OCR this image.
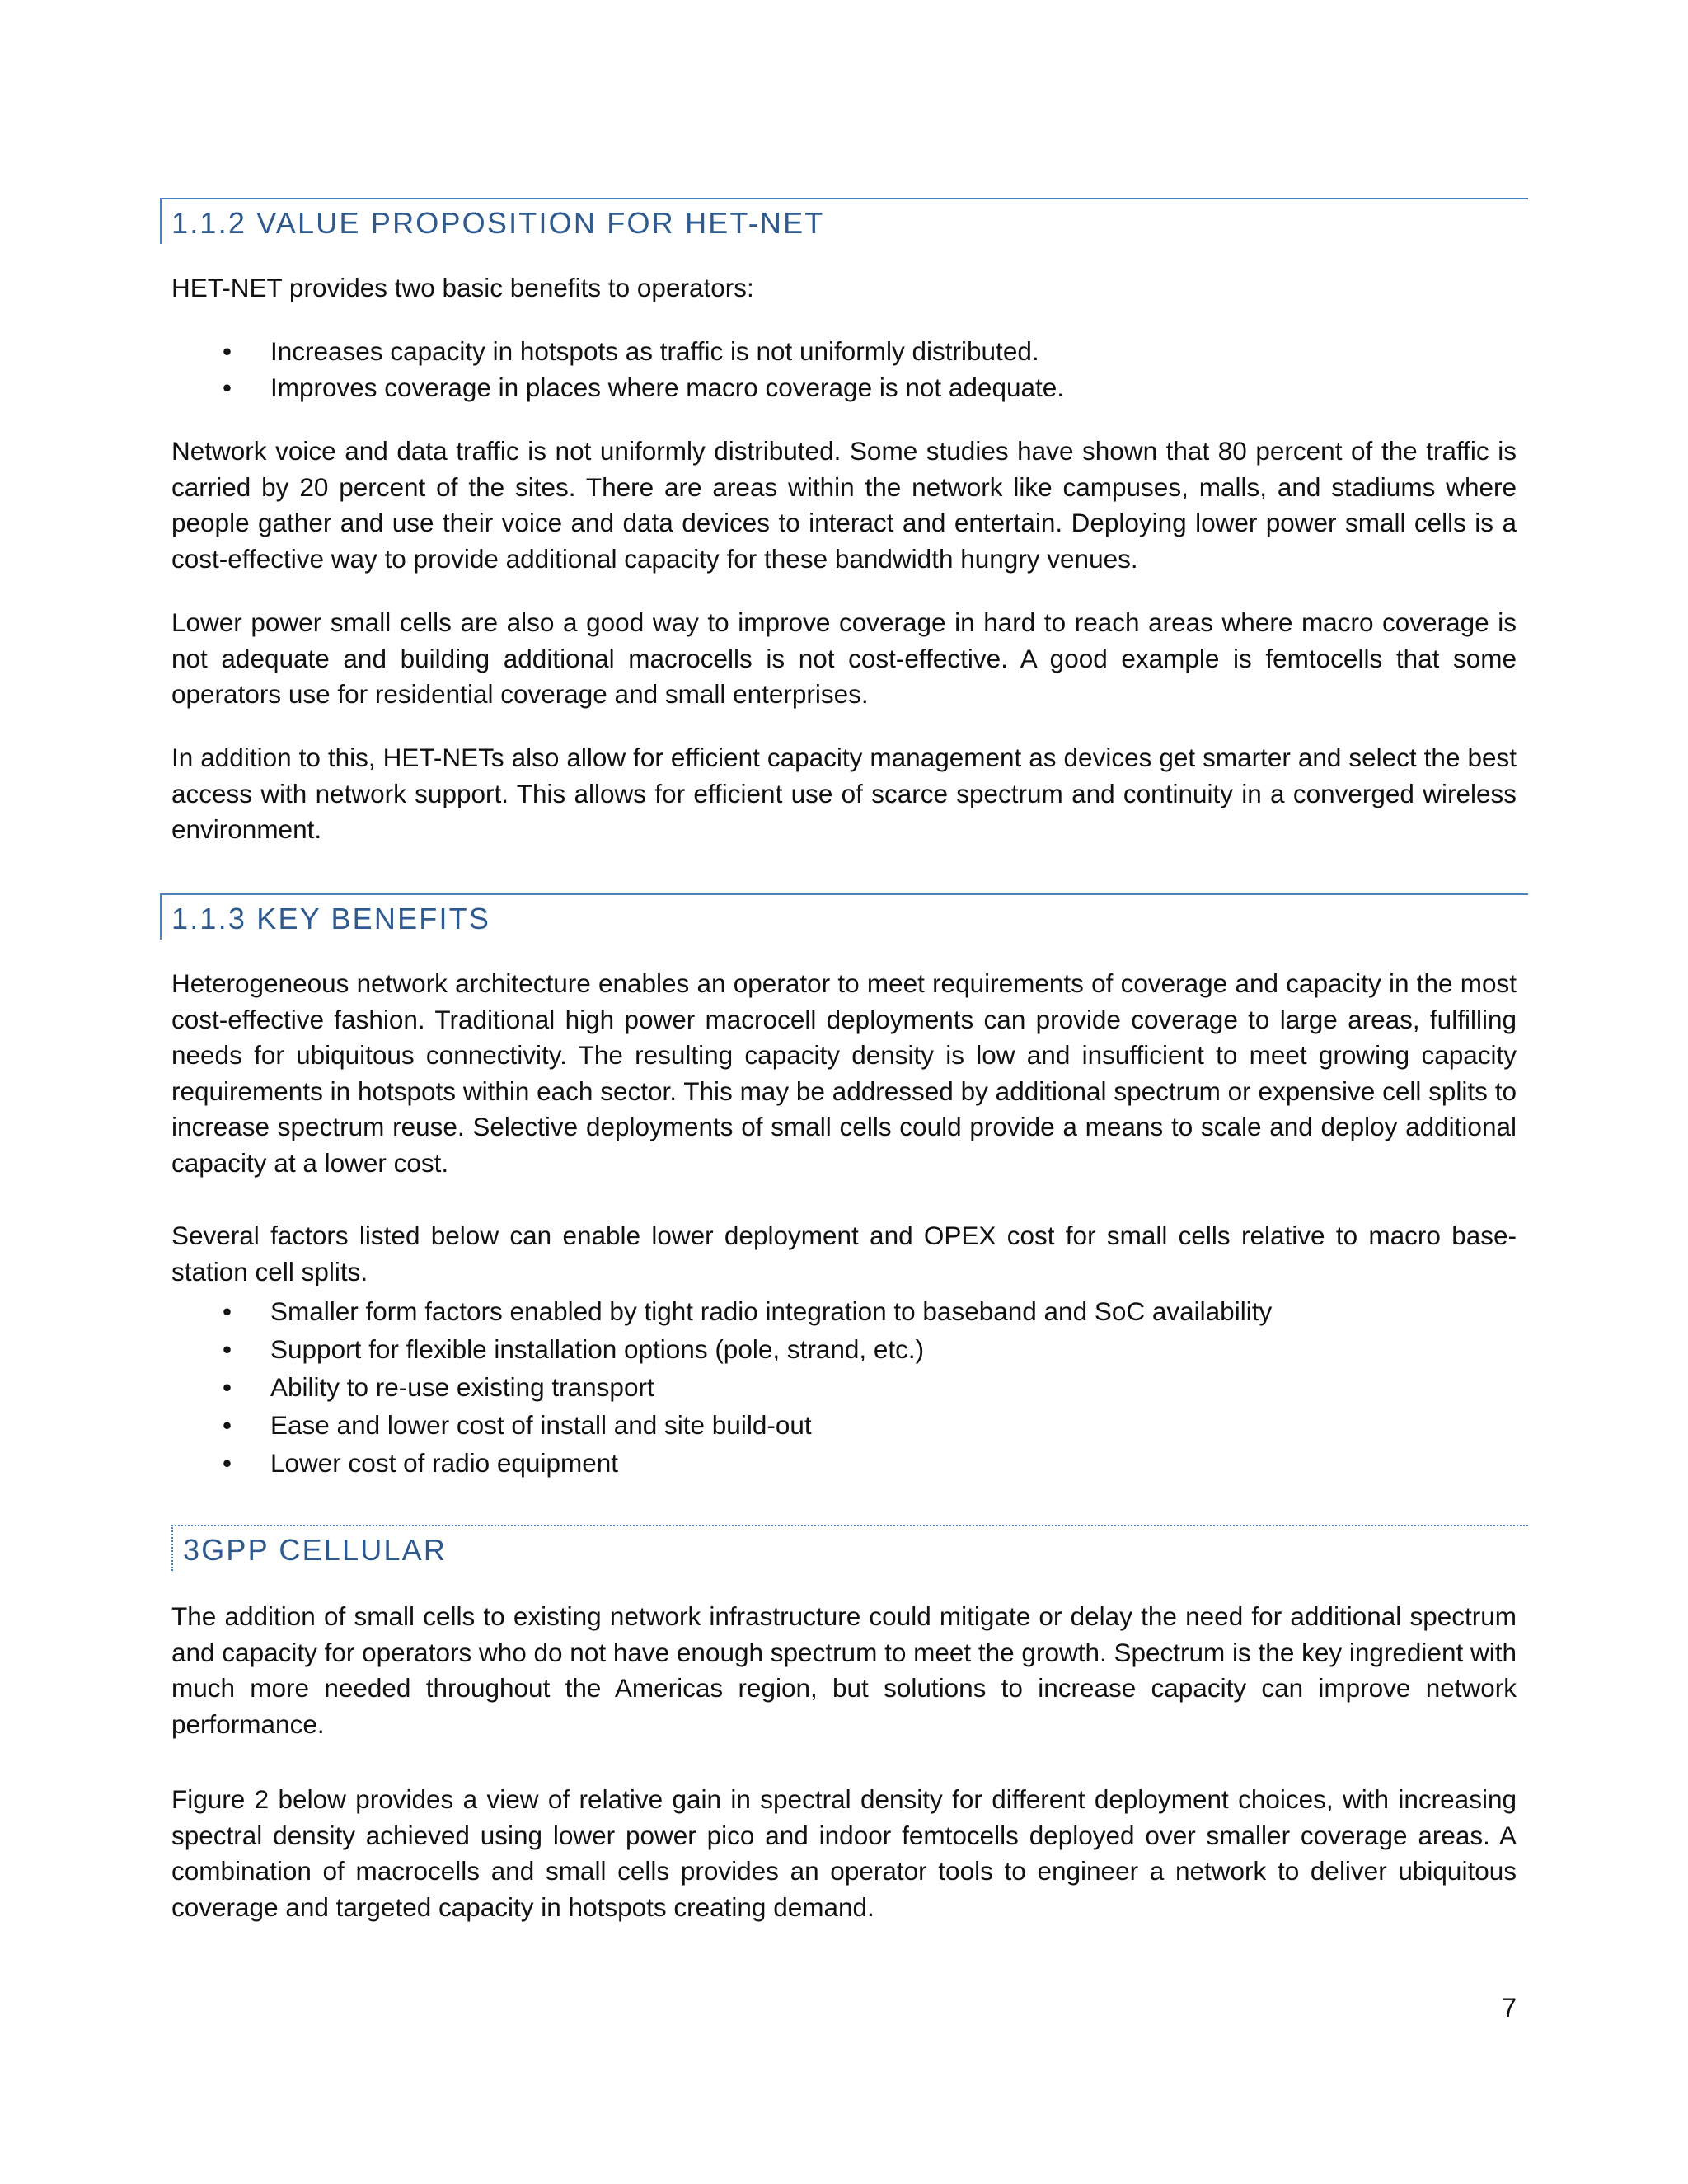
1.1.2 VALUE PROPOSITION FOR HET-NET

HET-NET provides two basic benefits to operators:

• Increases capacity in hotspots as traffic is not uniformly distributed.
• Improves coverage in places where macro coverage is not adequate.

Network voice and data traffic is not uniformly distributed. Some studies have shown that 80 percent of the traffic is carried by 20 percent of the sites. There are areas within the network like campuses, malls, and stadiums where people gather and use their voice and data devices to interact and entertain. Deploying lower power small cells is a cost-effective way to provide additional capacity for these bandwidth hungry venues.

Lower power small cells are also a good way to improve coverage in hard to reach areas where macro coverage is not adequate and building additional macrocells is not cost-effective. A good example is femtocells that some operators use for residential coverage and small enterprises.

In addition to this, HET-NETs also allow for efficient capacity management as devices get smarter and select the best access with network support. This allows for efficient use of scarce spectrum and continuity in a converged wireless environment.

1.1.3 KEY BENEFITS

Heterogeneous network architecture enables an operator to meet requirements of coverage and capacity in the most cost-effective fashion. Traditional high power macrocell deployments can provide coverage to large areas, fulfilling needs for ubiquitous connectivity. The resulting capacity density is low and insufficient to meet growing capacity requirements in hotspots within each sector. This may be addressed by additional spectrum or expensive cell splits to increase spectrum reuse. Selective deployments of small cells could provide a means to scale and deploy additional capacity at a lower cost.

Several factors listed below can enable lower deployment and OPEX cost for small cells relative to macro base-station cell splits.

• Smaller form factors enabled by tight radio integration to baseband and SoC availability
• Support for flexible installation options (pole, strand, etc.)
• Ability to re-use existing transport
• Ease and lower cost of install and site build-out
• Lower cost of radio equipment
3GPP CELLULAR

The addition of small cells to existing network infrastructure could mitigate or delay the need for additional spectrum and capacity for operators who do not have enough spectrum to meet the growth. Spectrum is the key ingredient with much more needed throughout the Americas region, but solutions to increase capacity can improve network performance.

Figure 2 below provides a view of relative gain in spectral density for different deployment choices, with increasing spectral density achieved using lower power pico and indoor femtocells deployed over smaller coverage areas. A combination of macrocells and small cells provides an operator tools to engineer a network to deliver ubiquitous coverage and targeted capacity in hotspots creating demand.

7
